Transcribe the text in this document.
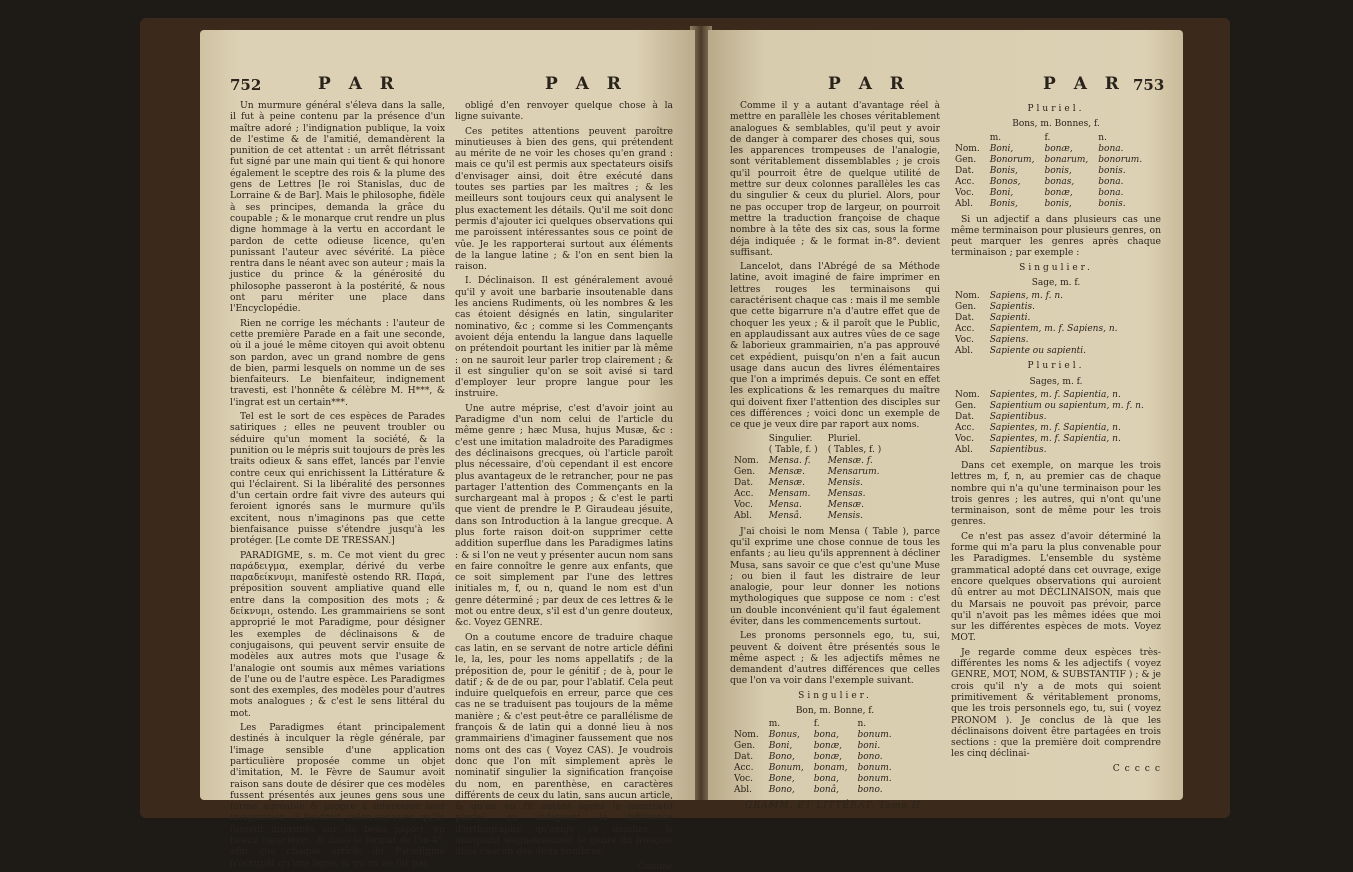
752	P A R	P A R

Un murmure général s'éleva dans la salle, il fut à peine contenu par la présence d'un maître adoré ; l'indignation publique, la voix de l'estime & de l'amitié, demandèrent la punition de cet attentat : un arrêt flétrissant fut signé par une main qui tient & qui honore également le sceptre des rois & la plume des gens de Lettres [le roi Stanislas, duc de Lorraine & de Bar]. Mais le philosophe, fidèle à ses principes, demanda la grâce du coupable ; & le monarque crut rendre un plus digne hommage à la vertu en accordant le pardon de cette odieuse licence, qu'en punissant l'auteur avec sévérité. La pièce rentra dans le néant avec son auteur ; mais la justice du prince & la générosité du philosophe passeront à la postérité, & nous ont paru mériter une place dans l'Encyclopédie.

Rien ne corrige les méchants : l'auteur de cette première Parade en a fait une seconde, où il a joué le même citoyen qui avoit obtenu son pardon, avec un grand nombre de gens de bien, parmi lesquels on nomme un de ses bienfaiteurs. Le bienfaiteur, indignement travesti, est l'honnête & célèbre M. H***, & l'ingrat est un certain***.

Tel est le sort de ces espèces de Parades satiriques ; elles ne peuvent troubler ou séduire qu'un moment la société, & la punition ou le mépris suit toujours de près les traits odieux & sans effet, lancés par l'envie contre ceux qui enrichissent la Littérature & qui l'éclairent. Si la libéralité des personnes d'un certain ordre fait vivre des auteurs qui feroient ignorés sans le murmure qu'ils excitent, nous n'imaginons pas que cette bienfaisance puisse s'étendre jusqu'à les protéger. [Le comte DE TRESSAN.]

PARADIGME, s. m. Ce mot vient du grec παράδειγμα, exemplar, dérivé du verbe παραδείκνυμι, manifestè ostendo RR. Παρά, préposition souvent ampliative quand elle entre dans la composition des mots ; & δείκνυμι, ostendo. Les grammairiens se sont approprié le mot Paradigme, pour désigner les exemples de déclinaisons & de conjugaisons, qui peuvent servir ensuite de modèles aux autres mots que l'usage & l'analogie ont soumis aux mêmes variations de l'une ou de l'autre espèce. Les Paradigmes sont des exemples, des modèles pour d'autres mots analogues ; & c'est le sens littéral du mot.

Les Paradigmes étant principalement destinés à inculquer la règle générale, par l'image sensible d'une application particulière proposée comme un objet d'imitation, M. le Fèvre de Saumur avoit raison sans doute de désirer que ces modèles fussent présentés aux jeunes gens sous une forme agréable & propre à intéresser leur imagination : il faudroit, selon ses vues, qu'ils fussent imprimés sur de beau papier, en beaux caractères, & dans le format de l'in-4°, afin que chaque article du Paradigme n'occupât qu'une ligne, & qu'on ne fût pas

obligé d'en renvoyer quelque chose à la ligne suivante.

Ces petites attentions peuvent paroître minutieuses à bien des gens, qui prétendent au mérite de ne voir les choses qu'en grand : mais ce qu'il est permis aux spectateurs oisifs d'envisager ainsi, doit être exécuté dans toutes ses parties par les maîtres ; & les meilleurs sont toujours ceux qui analysent le plus exactement les détails. Qu'il me soit donc permis d'ajouter ici quelques observations qui me paroissent intéressantes sous ce point de vûe. Je les rapporterai surtout aux éléments de la langue latine ; & l'on en sent bien la raison.

I. Déclinaison. Il est généralement avoué qu'il y avoit une barbarie insoutenable dans les anciens Rudiments, où les nombres & les cas étoient désignés en latin, singulariter nominativo, &c ; comme si les Commençants avoient déja entendu la langue dans laquelle on prétendoit pourtant les initier par là même : on ne sauroit leur parler trop clairement ; & il est singulier qu'on se soit avisé si tard d'employer leur propre langue pour les instruire.

Une autre méprise, c'est d'avoir joint au Paradigme d'un nom celui de l'article du même genre ; hæc Musa, hujus Musæ, &c : c'est une imitation maladroite des Paradigmes des déclinaisons grecques, où l'article paroît plus nécessaire, d'où cependant il est encore plus avantageux de le retrancher, pour ne pas partager l'attention des Commençants en la surchargeant mal à propos ; & c'est le parti que vient de prendre le P. Giraudeau jésuite, dans son Introduction à la langue grecque. A plus forte raison doit-on supprimer cette addition superflue dans les Paradigmes latins : & si l'on ne veut y présenter aucun nom sans en faire connoître le genre aux enfants, que ce soit simplement par l'une des lettres initiales m, f, ou n, quand le nom est d'un genre déterminé ; par deux de ces lettres & le mot ou entre deux, s'il est d'un genre douteux, &c. Voyez GENRE.

On a coutume encore de traduire chaque cas latin, en se servant de notre article défini le, la, les, pour les noms appellatifs ; de la préposition de, pour le génitif ; de à, pour le datif ; & de de ou par, pour l'ablatif. Cela peut induire quelquefois en erreur, parce que ces cas ne se traduisent pas toujours de la même manière ; & c'est peut-être ce parallélisme de françois & de latin qui a donné lieu à nos grammairiens d'imaginer faussement que nos noms ont des cas ( Voyez CAS). Je voudrois donc que l'on mît simplement après le nominatif singulier la signification françoise du nom, en parenthèse, en caractères différents de ceux du latin, sans aucun article, & qu'on en fît autant après le nominatif pluriel, en indiquant la différence d'orthographe qu'exige ce nombre, & marquant soigneusement le genre du françois dans chacun des deux nombres.

Comme
P A R	P A R 753

Comme il y a autant d'avantage réel à mettre en parallèle les choses véritablement analogues & semblables, qu'il peut y avoir de danger à comparer des choses qui, sous les apparences trompeuses de l'analogie, sont véritablement dissemblables ; je crois qu'il pourroit être de quelque utilité de mettre sur deux colonnes parallèles les cas du singulier & ceux du pluriel. Alors, pour ne pas occuper trop de largeur, on pourroit mettre la traduction françoise de chaque nombre à la tête des six cas, sous la forme déja indiquée ; & le format in-8°. devient suffisant.

Lancelot, dans l'Abrégé de sa Méthode latine, avoit imaginé de faire imprimer en lettres rouges les terminaisons qui caractérisent chaque cas : mais il me semble que cette bigarrure n'a d'autre effet que de choquer les yeux ; & il paroît que le Public, en applaudissant aux autres vûes de ce sage & laborieux grammairien, n'a pas approuvé cet expédient, puisqu'on n'en a fait aucun usage dans aucun des livres élémentaires que l'on a imprimés depuis. Ce sont en effet les explications & les remarques du maître qui doivent fixer l'attention des disciples sur ces différences ; voici donc un exemple de ce que je veux dire par raport aux noms.

	Singulier.	Pluriel.
	( Table, f. )	( Tables, f. )
Nom.	Mensa. f.	Mensæ. f.
Gen.	Mensæ.	Mensarum.
Dat.	Mensæ.	Mensis.
Acc.	Mensam.	Mensas.
Voc.	Mensa.	Mensæ.
Abl.	Mensâ.	Mensis.

J'ai choisi le nom Mensa ( Table ), parce qu'il exprime une chose connue de tous les enfants ; au lieu qu'ils apprennent à décliner Musa, sans savoir ce que c'est qu'une Muse ; ou bien il faut les distraire de leur analogie, pour leur donner les notions mythologiques que suppose ce nom : c'est un double inconvénient qu'il faut également éviter, dans les commencements surtout.

Les pronoms personnels ego, tu, sui, peuvent & doivent être présentés sous le même aspect ; & les adjectifs mêmes ne demandent d'autres différences que celles que l'on va voir dans l'exemple suivant.

Singulier.
Bon, m. Bonne, f.
	m.	f.	n.
Nom.	Bonus,	bona,	bonum.
Gen.	Boni,	bonæ,	boni.
Dat.	Bono,	bonæ,	bono.
Acc.	Bonum,	bonam,	bonum.
Voc.	Bone,	bona,	bonum.
Abl.	Bono,	bonâ,	bono.
GRAMM. ET LITTÉRAT. Tome II.
Pluriel.
Bons, m. Bonnes, f.
	m.	f.	n.
Nom.	Boni,	bonæ,	bona.
Gen.	Bonorum,	bonarum,	bonorum.
Dat.	Bonis,	bonis,	bonis.
Acc.	Bonos,	bonas,	bona.
Voc.	Boni,	bonæ,	bona.
Abl.	Bonis,	bonis,	bonis.

Si un adjectif a dans plusieurs cas une même terminaison pour plusieurs genres, on peut marquer les genres après chaque terminaison ; par exemple :

Singulier.
Sage, m. f.
Nom.	Sapiens, m. f. n.
Gen.	Sapientis.
Dat.	Sapienti.
Acc.	Sapientem, m. f. Sapiens, n.
Voc.	Sapiens.
Abl.	Sapiente ou sapienti.
Pluriel.
Sages, m. f.
Nom.	Sapientes, m. f. Sapientia, n.
Gen.	Sapientium ou sapientum, m. f. n.
Dat.	Sapientibus.
Acc.	Sapientes, m. f. Sapientia, n.
Voc.	Sapientes, m. f. Sapientia, n.
Abl.	Sapientibus.

Dans cet exemple, on marque les trois lettres m, f, n, au premier cas de chaque nombre qui n'a qu'une terminaison pour les trois genres ; les autres, qui n'ont qu'une terminaison, sont de même pour les trois genres.

Ce n'est pas assez d'avoir déterminé la forme qui m'a paru la plus convenable pour les Paradigmes. L'ensemble du système grammatical adopté dans cet ouvrage, exige encore quelques observations qui auroient dû entrer au mot DÉCLINAISON, mais que du Marsais ne pouvoit pas prévoir, parce qu'il n'avoit pas les mêmes idées que moi sur les différentes espèces de mots. Voyez MOT.

Je regarde comme deux espèces très-différentes les noms & les adjectifs ( voyez GENRE, MOT, NOM, & SUBSTANTIF ) ; & je crois qu'il n'y a de mots qui soient primitivement & véritablement pronoms, que les trois personnels ego, tu, sui ( voyez PRONOM ). Je conclus de là que les déclinaisons doivent être partagées en trois sections : que la première doit comprendre les cinq déclinai-

C c c c c
